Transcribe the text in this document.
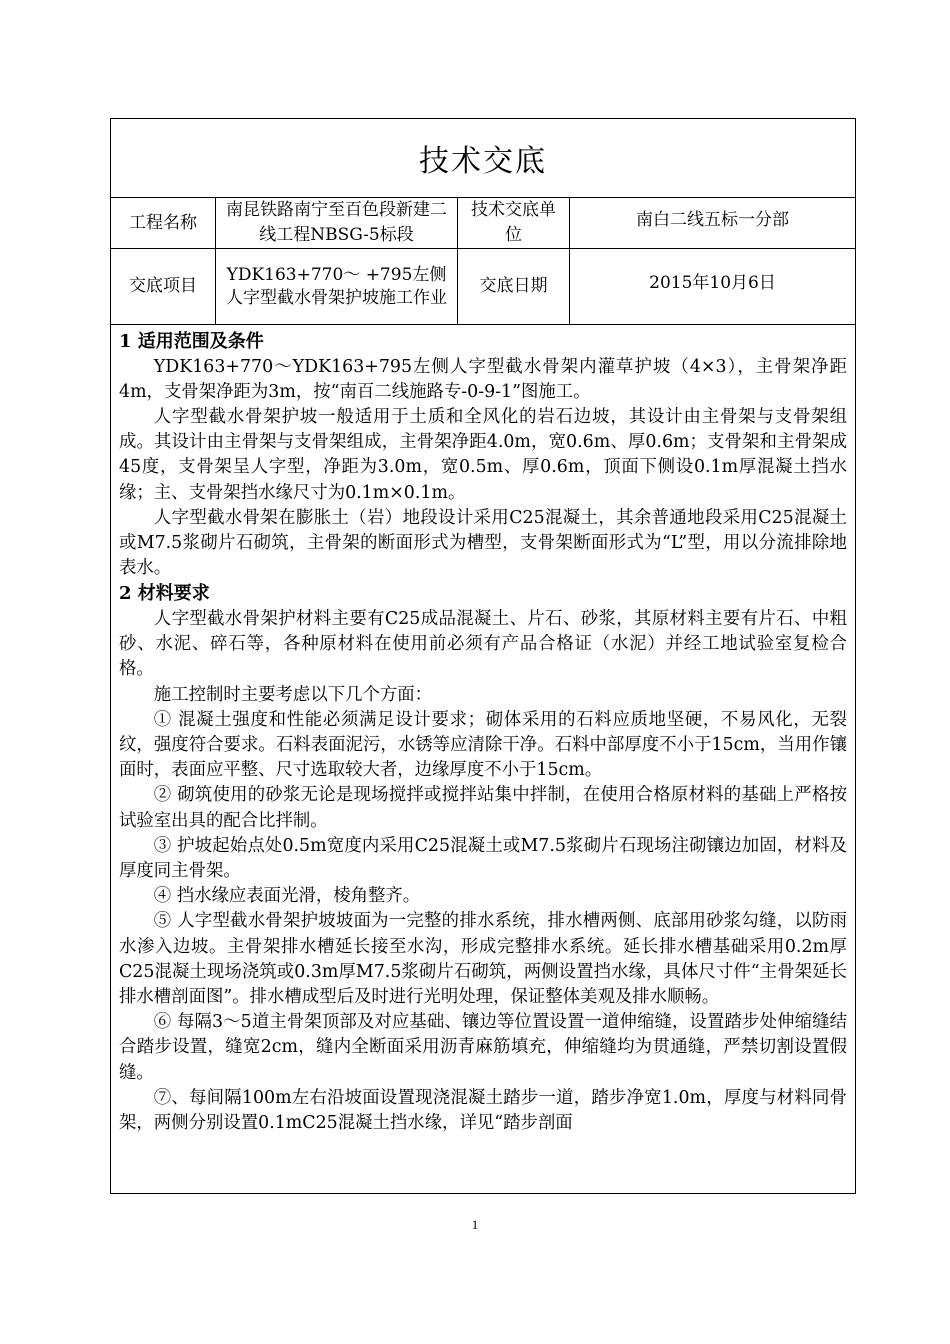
技术交底
工程名称
南昆铁路南宁至百色段新建二线工程NBSG-5标段
技术交底单位
南白二线五标一分部
交底项目
YDK163+770～ +795左侧人字型截水骨架护坡施工作业
交底日期	2015年10月6日
1 适用范围及条件

YDK163+770～YDK163+795左侧人字型截水骨架内灌草护坡（4×3），主骨架净距4m，支骨架净距为3m，按“南百二线施路专-0-9-1”图施工。

人字型截水骨架护坡一般适用于土质和全风化的岩石边坡，其设计由主骨架与支骨架组成。其设计由主骨架与支骨架组成，主骨架净距4.0m，宽0.6m、厚0.6m；支骨架和主骨架成45度，支骨架呈人字型，净距为3.0m，宽0.5m、厚0.6m，顶面下侧设0.1m厚混凝土挡水缘；主、支骨架挡水缘尺寸为0.1m×0.1m。

人字型截水骨架在膨胀土（岩）地段设计采用C25混凝土，其余普通地段采用C25混凝土或M7.5浆砌片石砌筑，主骨架的断面形式为槽型，支骨架断面形式为“L”型，用以分流排除地表水。

2 材料要求

人字型截水骨架护材料主要有C25成品混凝土、片石、砂浆，其原材料主要有片石、中粗砂、水泥、碎石等，各种原材料在使用前必须有产品合格证（水泥）并经工地试验室复检合格。

施工控制时主要考虑以下几个方面：

① 混凝土强度和性能必须满足设计要求；砌体采用的石料应质地坚硬，不易风化，无裂纹，强度符合要求。石料表面泥污，水锈等应清除干净。石料中部厚度不小于15cm，当用作镶面时，表面应平整、尺寸选取较大者，边缘厚度不小于15cm。

② 砌筑使用的砂浆无论是现场搅拌或搅拌站集中拌制，在使用合格原材料的基础上严格按试验室出具的配合比拌制。

③ 护坡起始点处0.5m宽度内采用C25混凝土或M7.5浆砌片石现场注砌镶边加固，材料及厚度同主骨架。

④ 挡水缘应表面光滑，棱角整齐。

⑤ 人字型截水骨架护坡坡面为一完整的排水系统，排水槽两侧、底部用砂浆勾缝，以防雨水渗入边坡。主骨架排水槽延长接至水沟，形成完整排水系统。延长排水槽基础采用0.2m厚C25混凝土现场浇筑或0.3m厚M7.5浆砌片石砌筑，两侧设置挡水缘，具体尺寸件“主骨架延长排水槽剖面图”。排水槽成型后及时进行光明处理，保证整体美观及排水顺畅。

⑥ 每隔3～5道主骨架顶部及对应基础、镶边等位置设置一道伸缩缝，设置踏步处伸缩缝结合踏步设置，缝宽2cm，缝内全断面采用沥青麻筋填充，伸缩缝均为贯通缝，严禁切割设置假缝。

⑦、每间隔100m左右沿坡面设置现浇混凝土踏步一道，踏步净宽1.0m，厚度与材料同骨架，两侧分别设置0.1mC25混凝土挡水缘，详见“踏步剖面

1
